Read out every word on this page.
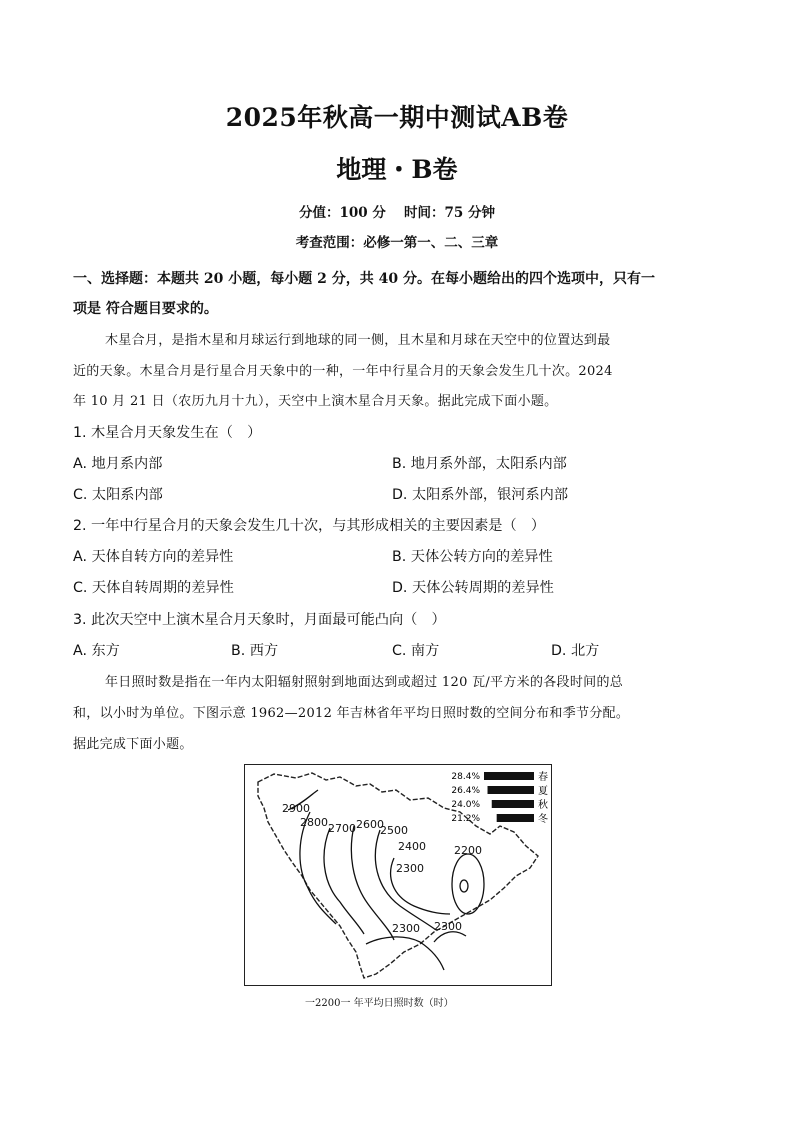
2025年秋高一期中测试AB卷
地理・B卷
分值：100 分　 时间：75 分钟
考查范围：必修一第一、二、三章
一、选择题：本题共 20 小题，每小题 2 分，共 40 分。在每小题给出的四个选项中，只有一
项是 符合题目要求的。
木星合月，是指木星和月球运行到地球的同一侧，且木星和月球在天空中的位置达到最
近的天象。木星合月是行星合月天象中的一种，一年中行星合月的天象会发生几十次。2024
年 10 月 21 日（农历九月十九），天空中上演木星合月天象。据此完成下面小题。
1. 木星合月天象发生在（　）
A. 地月系内部	B. 地月系外部，太阳系内部
C. 太阳系内部	D. 太阳系外部，银河系内部
2. 一年中行星合月的天象会发生几十次，与其形成相关的主要因素是（　）
A. 天体自转方向的差异性	B. 天体公转方向的差异性
C. 天体自转周期的差异性	D. 天体公转周期的差异性
3. 此次天空中上演木星合月天象时，月面最可能凸向（　）
A. 东方	B. 西方	C. 南方	D. 北方
年日照时数是指在一年内太阳辐射照射到地面达到或超过 120 瓦/平方米的各段时间的总
和，以小时为单位。下图示意 1962—2012 年吉林省年平均日照时数的空间分布和季节分配。
据此完成下面小题。
2900
2800 2700 2600
2500
2400
2300
2200
2300 2300
28.4%	春
26.4%	夏
24.0%	秋
21.2%	冬
一2200一 年平均日照时数（时）
